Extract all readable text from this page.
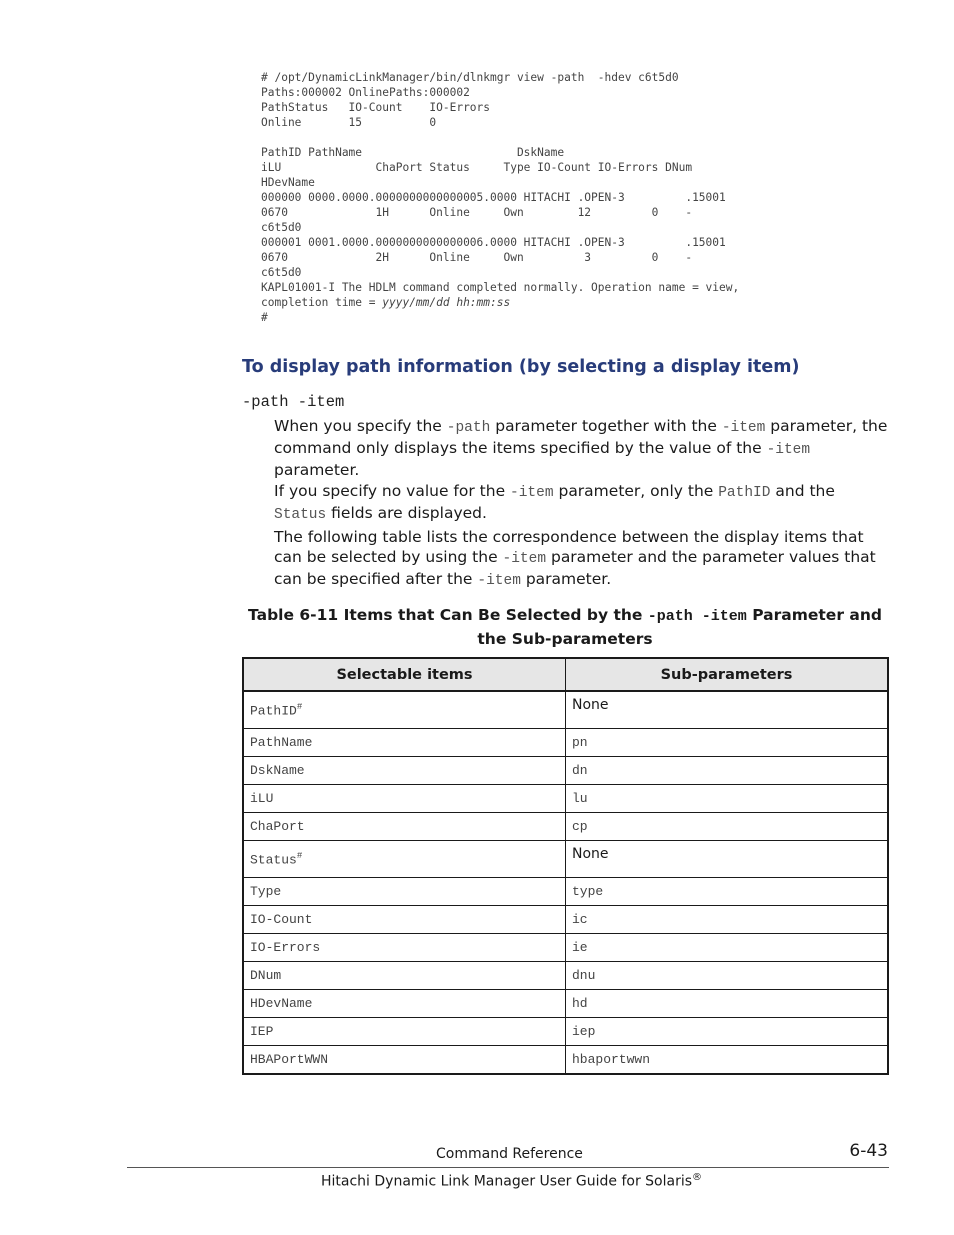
# /opt/DynamicLinkManager/bin/dlnkmgr view -path  -hdev c6t5d0
Paths:000002 OnlinePaths:000002
PathStatus   IO-Count    IO-Errors
Online       15          0
PathID PathName                       DskName
iLU              ChaPort Status     Type IO-Count IO-Errors DNum
HDevName
000000 0000.0000.0000000000000005.0000 HITACHI .OPEN-3         .15001
0670             1H      Online     Own        12         0    -
c6t5d0
000001 0001.0000.0000000000000006.0000 HITACHI .OPEN-3         .15001
0670             2H      Online     Own         3         0    -
c6t5d0
KAPL01001-I The HDLM command completed normally. Operation name = view,
completion time = yyyy/mm/dd hh:mm:ss
#
To display path information (by selecting a display item)
-path -item

When you specify the -path parameter together with the -item parameter, the command only displays the items specified by the value of the -item parameter.

If you specify no value for the -item parameter, only the PathID and the Status fields are displayed.

The following table lists the correspondence between the display items that can be selected by using the -item parameter and the parameter values that can be specified after the -item parameter.

Table 6-11 Items that Can Be Selected by the -path -item Parameter and the Sub-parameters

Selectable items	Sub-parameters
PathID#	None
PathName	pn
DskName	dn
iLU	lu
ChaPort	cp
Status#	None
Type	type
IO-Count	ic
IO-Errors	ie
DNum	dnu
HDevName	hd
IEP	iep
HBAPortWWN	hbaportwwn
Command Reference	6-43
Hitachi Dynamic Link Manager User Guide for Solaris®
